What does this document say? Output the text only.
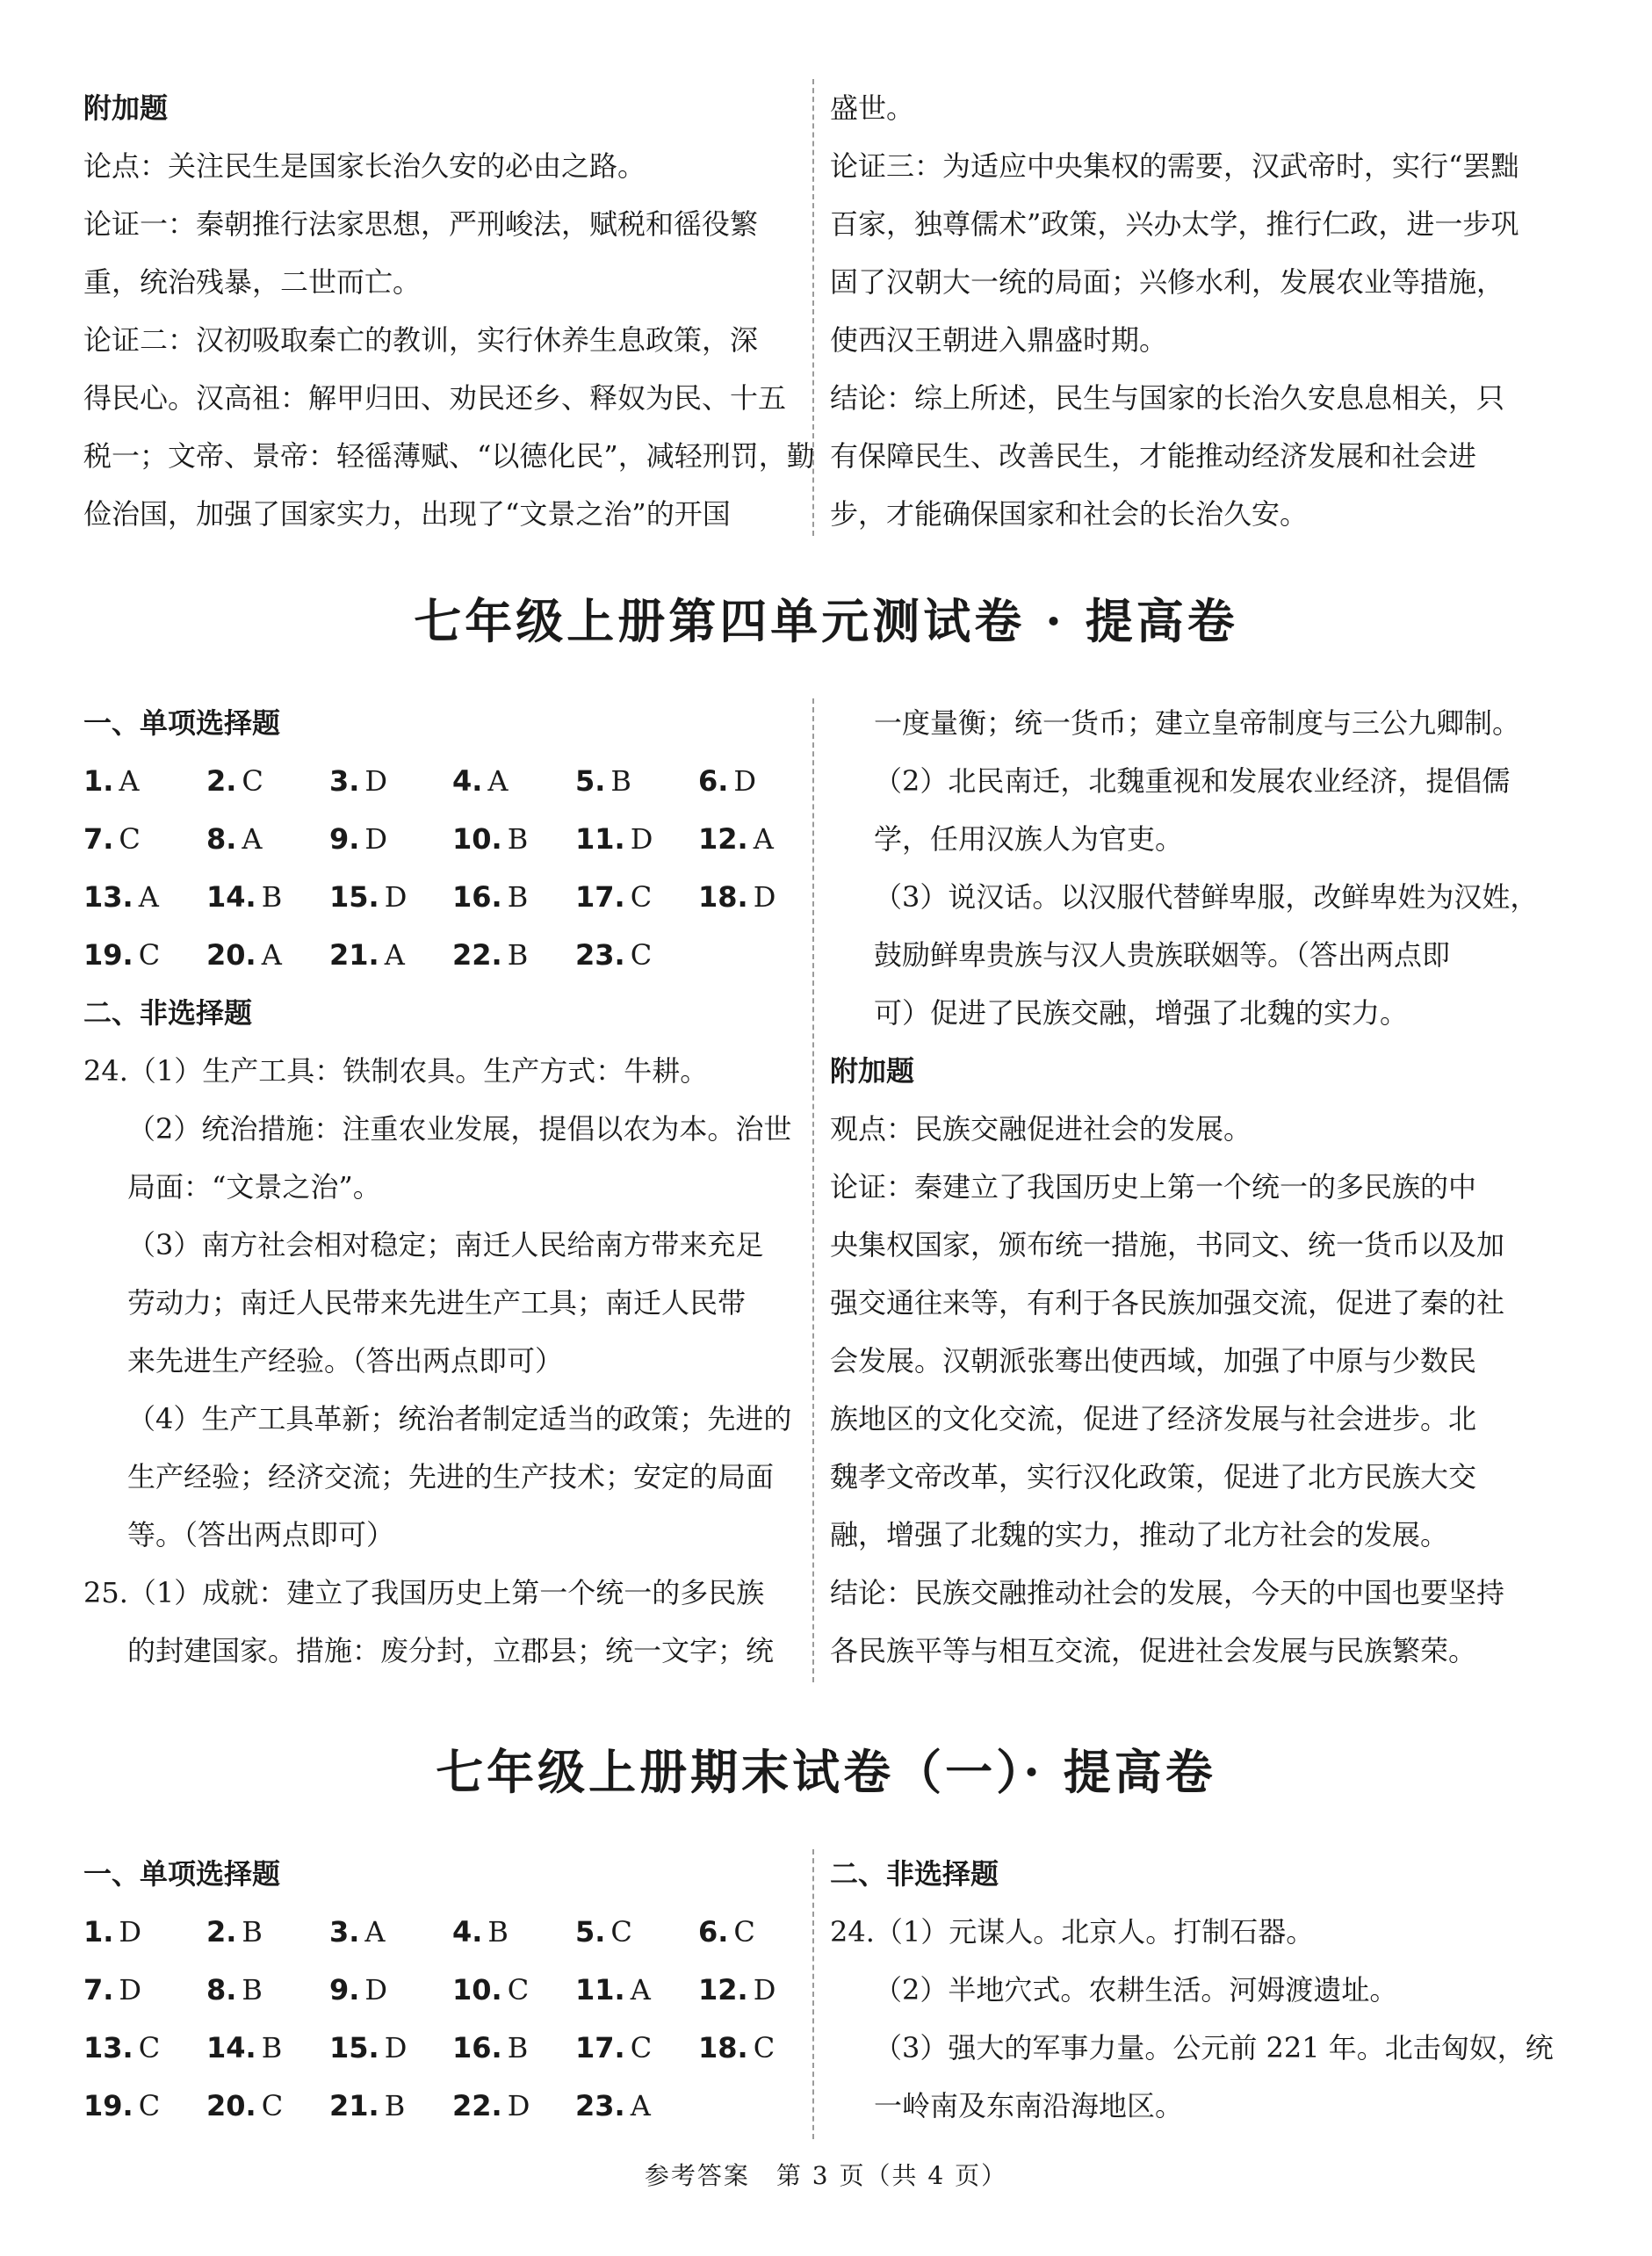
附加题
论点：关注民生是国家长治久安的必由之路。
论证一：秦朝推行法家思想，严刑峻法，赋税和徭役繁
重，统治残暴，二世而亡。
论证二：汉初吸取秦亡的教训，实行休养生息政策，深
得民心。汉高祖：解甲归田、劝民还乡、释奴为民、十五
税一；文帝、景帝：轻徭薄赋、“以德化民”，减轻刑罚，勤
俭治国，加强了国家实力，出现了“文景之治”的开国
盛世。
论证三：为适应中央集权的需要，汉武帝时，实行“罢黜
百家，独尊儒术”政策，兴办太学，推行仁政，进一步巩
固了汉朝大一统的局面；兴修水利，发展农业等措施，
使西汉王朝进入鼎盛时期。
结论：综上所述，民生与国家的长治久安息息相关，只
有保障民生、改善民生，才能推动经济发展和社会进
步，才能确保国家和社会的长治久安。
七年级上册第四单元测试卷 · 提高卷
一、单项选择题
1. A	2. C	3. D	4. A	5. B	6. D
7. C	8. A	9. D	10. B	11. D	12. A
13. A	14. B	15. D	16. B	17. C	18. D
19. C	20. A	21. A	22. B	23. C
二、非选择题
24.（1）生产工具：铁制农具。生产方式：牛耕。
（2）统治措施：注重农业发展，提倡以农为本。治世
局面：“文景之治”。
（3）南方社会相对稳定；南迁人民给南方带来充足
劳动力；南迁人民带来先进生产工具；南迁人民带
来先进生产经验。（答出两点即可）
（4）生产工具革新；统治者制定适当的政策；先进的
生产经验；经济交流；先进的生产技术；安定的局面
等。（答出两点即可）
25.（1）成就：建立了我国历史上第一个统一的多民族
的封建国家。措施：废分封，立郡县；统一文字；统
一度量衡；统一货币；建立皇帝制度与三公九卿制。
（2）北民南迁，北魏重视和发展农业经济，提倡儒
学，任用汉族人为官吏。
（3）说汉话。以汉服代替鲜卑服，改鲜卑姓为汉姓，
鼓励鲜卑贵族与汉人贵族联姻等。（答出两点即
可）促进了民族交融，增强了北魏的实力。
附加题
观点：民族交融促进社会的发展。
论证：秦建立了我国历史上第一个统一的多民族的中
央集权国家，颁布统一措施，书同文、统一货币以及加
强交通往来等，有利于各民族加强交流，促进了秦的社
会发展。汉朝派张骞出使西域，加强了中原与少数民
族地区的文化交流，促进了经济发展与社会进步。北
魏孝文帝改革，实行汉化政策，促进了北方民族大交
融，增强了北魏的实力，推动了北方社会的发展。
结论：民族交融推动社会的发展，今天的中国也要坚持
各民族平等与相互交流，促进社会发展与民族繁荣。
七年级上册期末试卷（一）· 提高卷
一、单项选择题
1. D	2. B	3. A	4. B	5. C	6. C
7. D	8. B	9. D	10. C	11. A	12. D
13. C	14. B	15. D	16. B	17. C	18. C
19. C	20. C	21. B	22. D	23. A
二、非选择题
24.（1）元谋人。北京人。打制石器。
（2）半地穴式。农耕生活。河姆渡遗址。
（3）强大的军事力量。公元前 221 年。北击匈奴，统
一岭南及东南沿海地区。
参考答案　第 3 页（共 4 页）
